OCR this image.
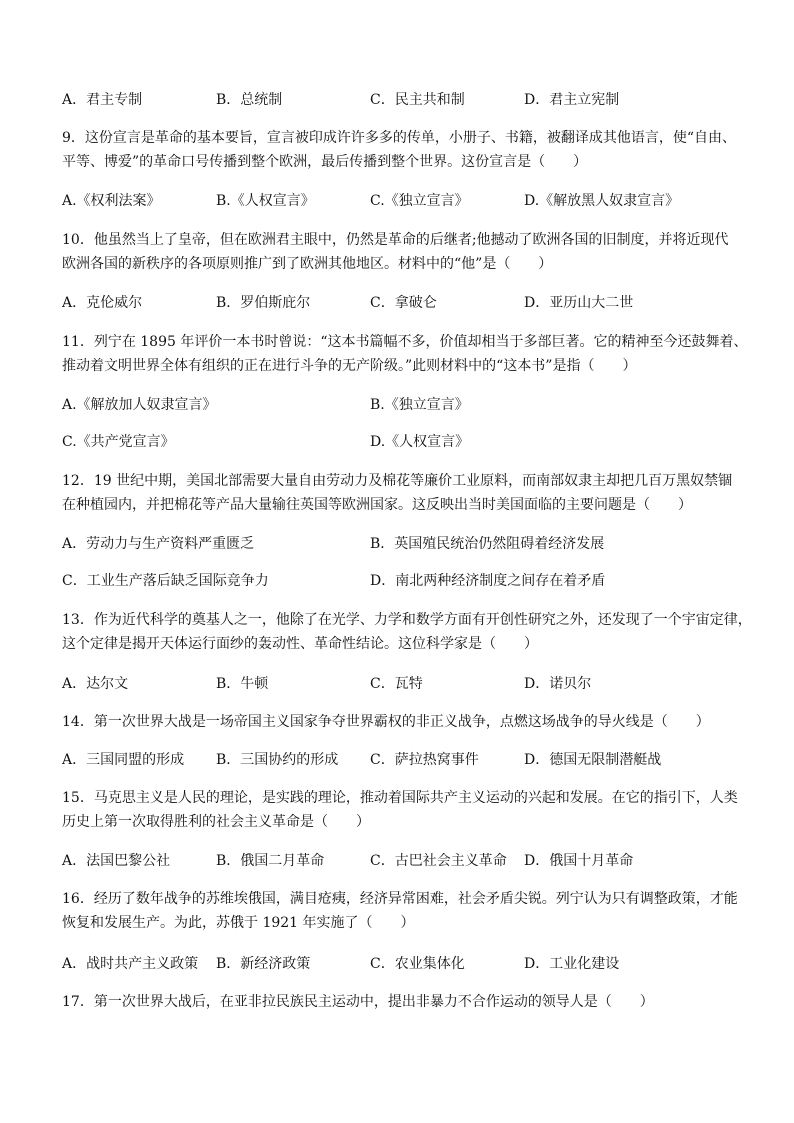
A．君主专制	B．总统制	C．民主共和制	D．君主立宪制
9．这份宣言是革命的基本要旨，宣言被印成许许多多的传单，小册子、书籍，被翻译成其他语言，使“自由、
平等、博爱”的革命口号传播到整个欧洲，最后传播到整个世界。这份宣言是（　　）
A.《权利法案》	B.《人权宣言》	C.《独立宣言》	D.《解放黑人奴隶宣言》
10．他虽然当上了皇帝，但在欧洲君主眼中，仍然是革命的后继者;他撼动了欧洲各国的旧制度，并将近现代
欧洲各国的新秩序的各项原则推广到了欧洲其他地区。材料中的“他”是（　　）
A．克伦威尔	B．罗伯斯庇尔	C．拿破仑	D．亚历山大二世
11．列宁在 1895 年评价一本书时曾说：“这本书篇幅不多，价值却相当于多部巨著。它的精神至今还鼓舞着、
推动着文明世界全体有组织的正在进行斗争的无产阶级。”此则材料中的“这本书”是指（　　）
A.《解放加人奴隶宣言》	B.《独立宣言》
C.《共产党宣言》	D.《人权宣言》
12．19 世纪中期，美国北部需要大量自由劳动力及棉花等廉价工业原料，而南部奴隶主却把几百万黑奴禁锢
在种植园内，并把棉花等产品大量输往英国等欧洲国家。这反映出当时美国面临的主要问题是（　　）
A．劳动力与生产资料严重匮乏	B．英国殖民统治仍然阻碍着经济发展
C．工业生产落后缺乏国际竞争力	D．南北两种经济制度之间存在着矛盾
13．作为近代科学的奠基人之一，他除了在光学、力学和数学方面有开创性研究之外，还发现了一个宇宙定律，
这个定律是揭开天体运行面纱的轰动性、革命性结论。这位科学家是（　　）
A．达尔文	B．牛顿	C．瓦特	D．诺贝尔
14．第一次世界大战是一场帝国主义国家争夺世界霸权的非正义战争，点燃这场战争的导火线是（　　）
A．三国同盟的形成 B．三国协约的形成 C．萨拉热窝事件	D．德国无限制潜艇战
15．马克思主义是人民的理论，是实践的理论，推动着国际共产主义运动的兴起和发展。在它的指引下，人类
历史上第一次取得胜利的社会主义革命是（　　）
A．法国巴黎公社	B．俄国二月革命	C．古巴社会主义革命 D．俄国十月革命
16．经历了数年战争的苏维埃俄国，满目疮痍，经济异常困难，社会矛盾尖锐。列宁认为只有调整政策，才能
恢复和发展生产。为此，苏俄于 1921 年实施了（　　）
A．战时共产主义政策 B．新经济政策	C．农业集体化	D．工业化建设
17．第一次世界大战后，在亚非拉民族民主运动中，提出非暴力不合作运动的领导人是（　　）
